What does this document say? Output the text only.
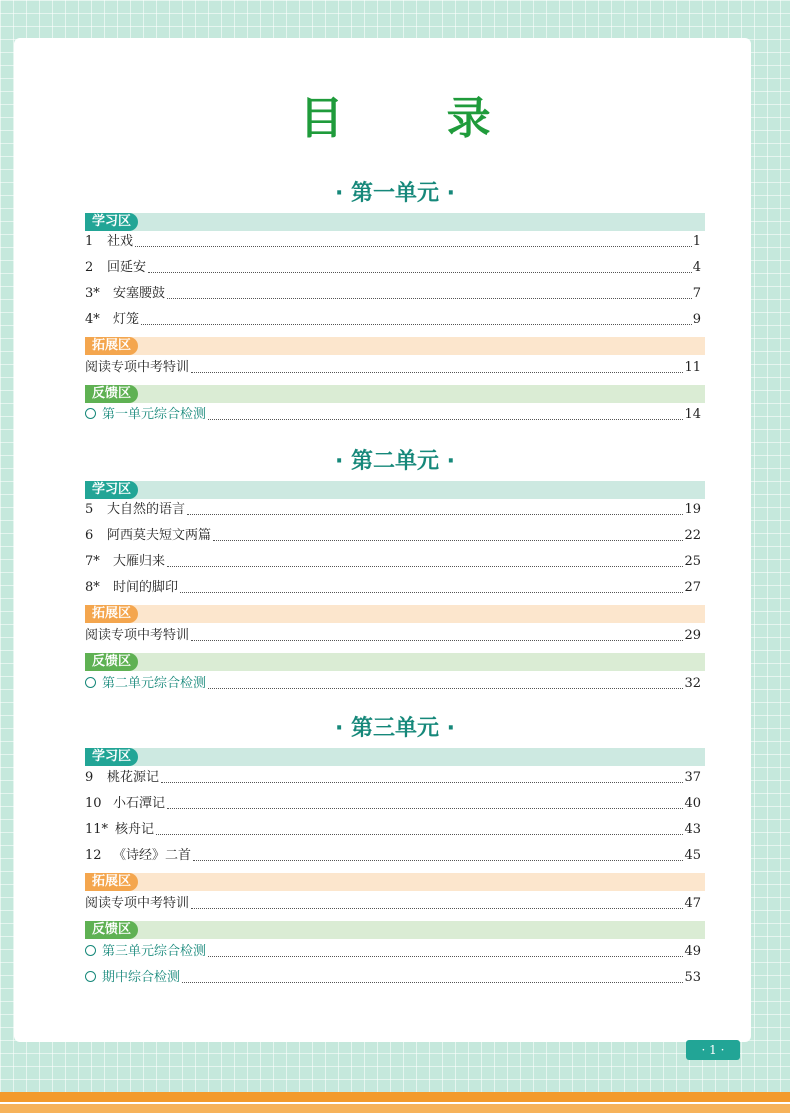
目 录
· 1 ·
· 第一单元 ·
学习区
1	社戏	1
2	回延安	4
3*	安塞腰鼓	7
4*	灯笼	9
拓展区
阅读专项中考特训	11
反馈区
第一单元综合检测	14
· 第二单元 ·
学习区
5	大自然的语言	19
6	阿西莫夫短文两篇	22
7*	大雁归来	25
8*	时间的脚印	27
拓展区
阅读专项中考特训	29
反馈区
第二单元综合检测	32
· 第三单元 ·
学习区
9	桃花源记	37
10 小石潭记	40
11* 核舟记	43
12 《诗经》二首	45
拓展区
阅读专项中考特训	47
反馈区
第三单元综合检测	49
期中综合检测	53
